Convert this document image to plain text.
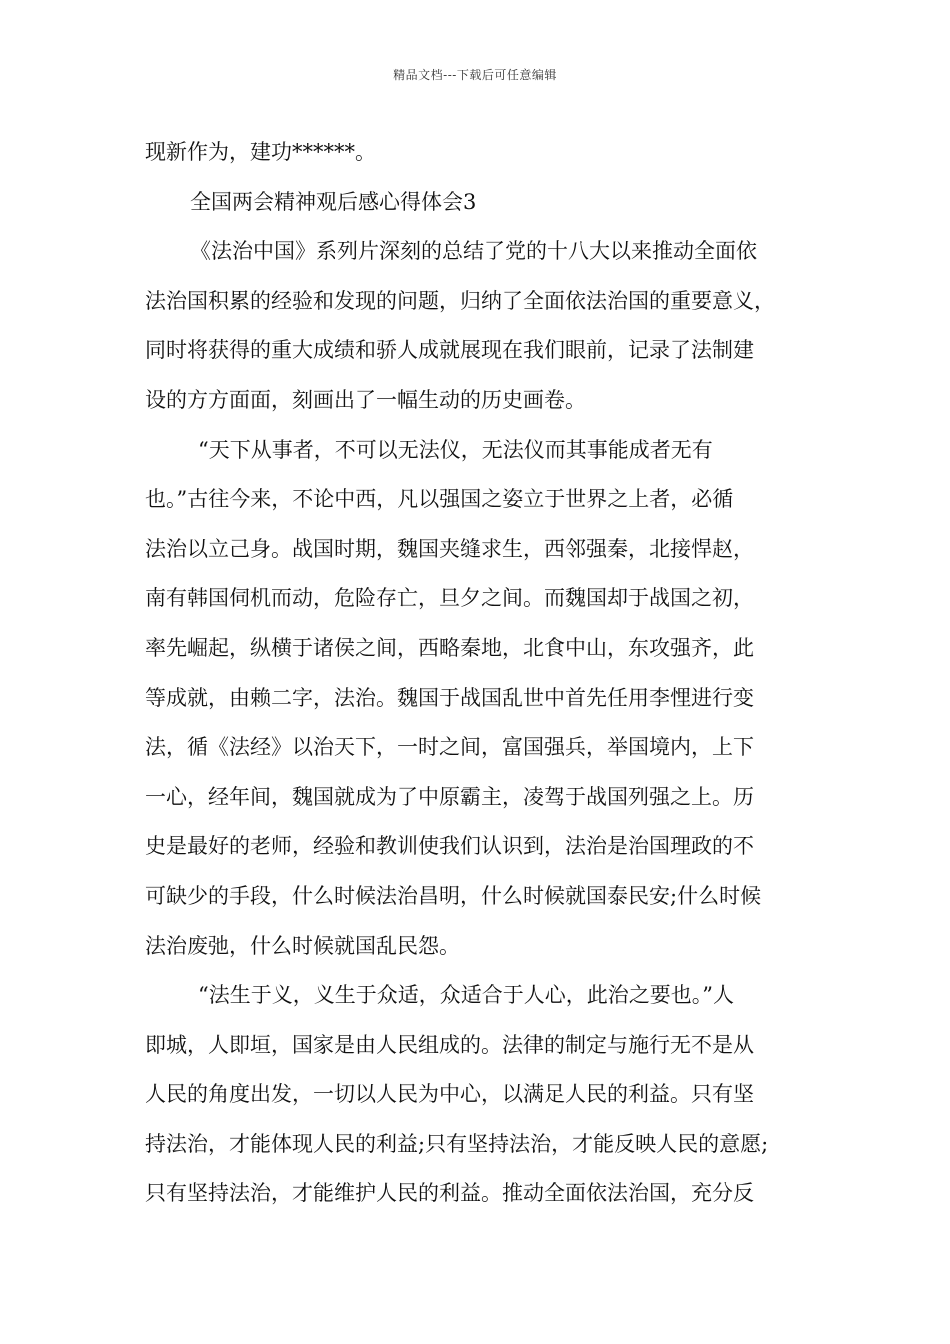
精品文档---下载后可任意编辑
现新作为，建功******。
全国两会精神观后感心得体会3
《法治中国》系列片深刻的总结了党的十八大以来推动全面依
法治国积累的经验和发现的问题，归纳了全面依法治国的重要意义，
同时将获得的重大成绩和骄人成就展现在我们眼前，记录了法制建
设的方方面面，刻画出了一幅生动的历史画卷。
“天下从事者，不可以无法仪，无法仪而其事能成者无有
也。”古往今来，不论中西，凡以强国之姿立于世界之上者，必循
法治以立己身。战国时期，魏国夹缝求生，西邻强秦，北接悍赵，
南有韩国伺机而动，危险存亡，旦夕之间。而魏国却于战国之初，
率先崛起，纵横于诸侯之间，西略秦地，北食中山，东攻强齐，此
等成就，由赖二字，法治。魏国于战国乱世中首先任用李悝进行变
法，循《法经》以治天下，一时之间，富国强兵，举国境内，上下
一心，经年间，魏国就成为了中原霸主，凌驾于战国列强之上。历
史是最好的老师，经验和教训使我们认识到，法治是治国理政的不
可缺少的手段，什么时候法治昌明，什么时候就国泰民安;什么时候
法治废弛，什么时候就国乱民怨。
“法生于义，义生于众适，众适合于人心，此治之要也。”人
即城，人即垣，国家是由人民组成的。法律的制定与施行无不是从
人民的角度出发，一切以人民为中心，以满足人民的利益。只有坚
持法治，才能体现人民的利益;只有坚持法治，才能反映人民的意愿;
只有坚持法治，才能维护人民的利益。推动全面依法治国，充分反
